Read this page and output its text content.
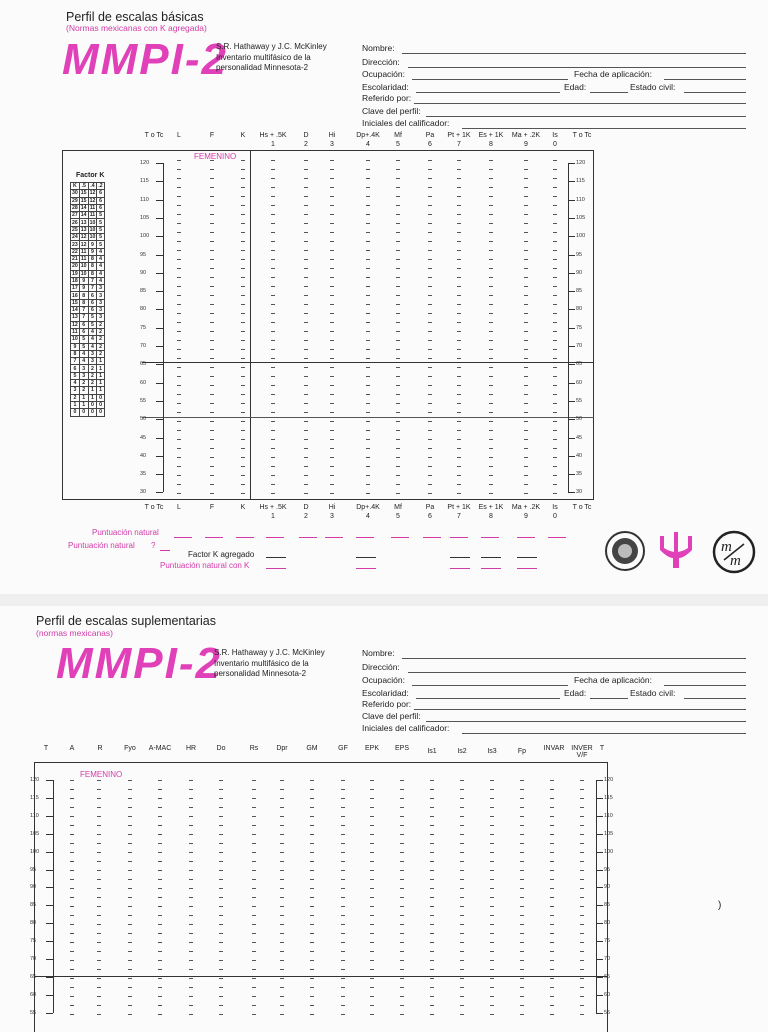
Perfil de escalas básicas
(Normas mexicanas con K agregada)
MMPI-2
S.R. Hathaway y J.C. McKinley
Inventario multifásico de la
personalidad Minnesota-2
Nombre:
Dirección:
Ocupación:	Fecha de aplicación:
Escolaridad:	Edad:	Estado civil:
Referido por:
Clave del perfil:
Iniciales del calificador:
T o Tc	L	F	K	Hs + .5K	D	Hi	Dp+.4K	Mf	Pa	Pt + 1K	Es + 1K	Ma + .2K	Is	T o Tc
1	2	3	4	5	6	7	8	9	0
FEMENINO
Factor K
K	.5	.4	.2
30	15	12	6
29	15	12	6
28	14	11	6
27	14	11	5
26	13	10	5
25	13	10	5
24	12	10	5
23	12	9	5
22	11	9	4
21	11	8	4
20	10	8	4
19	10	8	4
18	9	7	4
17	9	7	3
16	8	6	3
15	8	6	3
14	7	6	3
13	7	5	3
12	6	5	2
11	6	4	2
10	5	4	2
9	5	4	2
8	4	3	2
7	4	3	1
6	3	2	1
5	3	2	1
4	2	2	1
3	2	1	1
2	1	1	0
1	1	0	0
0	0	0	0
120
115
110
105
100
95
90
85
80
75
70
65
60
55
50
45
40
35
30
120
115
110
105
100
95
90
85
80
75
70
65
60
55
50
45
40
35
30
T o Tc	L	F	K	Hs + .5K	D	Hi	Dp+.4K	Mf	Pa	Pt + 1K	Es + 1K	Ma + .2K	Is	T o Tc
1	2	3	4	5	6	7	8	9	0
Puntuación natural
Puntuación natural ?
Factor K agregado
Puntuación natural con K
m
m
Perfil de escalas suplementarias
(normas mexicanas)
MMPI-2
S.R. Hathaway y J.C. McKinley
Inventario multifásico de la
personalidad Minnesota-2
Nombre:
Dirección:
Ocupación:	Fecha de aplicación:
Escolaridad:	Edad:	Estado civil:
Referido por:
Clave del perfil:
Iniciales del calificador:
T	A	R	Fyo	A-MAC	HR	Do	Rs	Dpr	GM	GF	EPK	EPS	Is1	Is2	Is3	Fp	INVAR INVER V/F
T
FEMENINO
120
115
110
105
100
95
90
85
80
75
70
65
60
55
120
115
110
105
100
95
90
85
80
75
70
65
60
55
)
